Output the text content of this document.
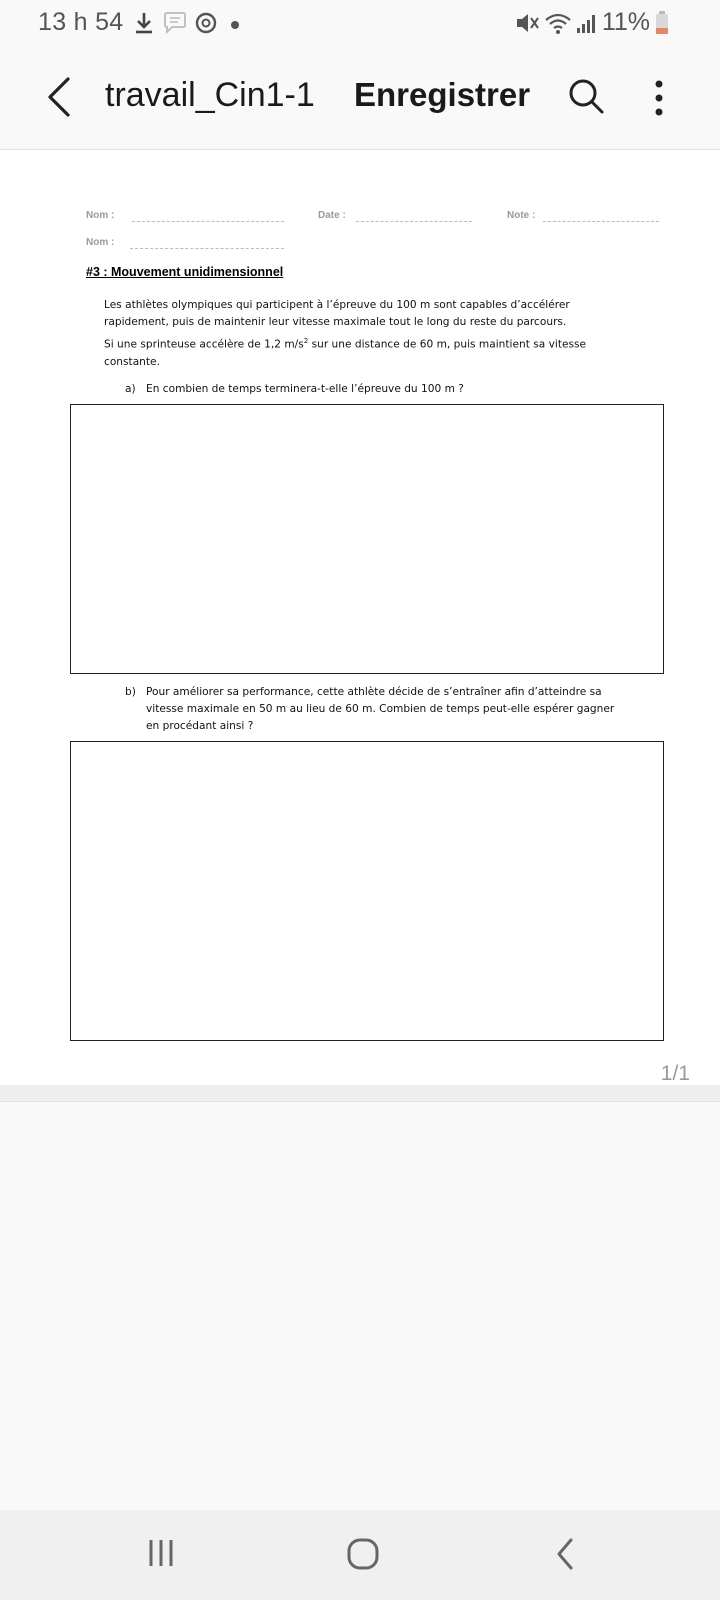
13 h 54	11%
travail_Cin1-1 Enregistrer
Nom :	Date :	Note :
Nom :
#3 : Mouvement unidimensionnel

Les athlètes olympiques qui participent à l’épreuve du 100 m sont capables d’accélérer rapidement, puis de maintenir leur vitesse maximale tout le long du reste du parcours.

Si une sprinteuse accélère de 1,2 $m/s^2$ sur une distance de 60 m, puis maintient sa vitesse constante.

a) En combien de temps terminera-t-elle l’épreuve du 100 m ?
b) Pour améliorer sa performance, cette athlète décide de s’entraîner afin d’atteindre sa vitesse maximale en 50 m au lieu de 60 m. Combien de temps peut-elle espérer gagner en procédant ainsi ?
1/1
